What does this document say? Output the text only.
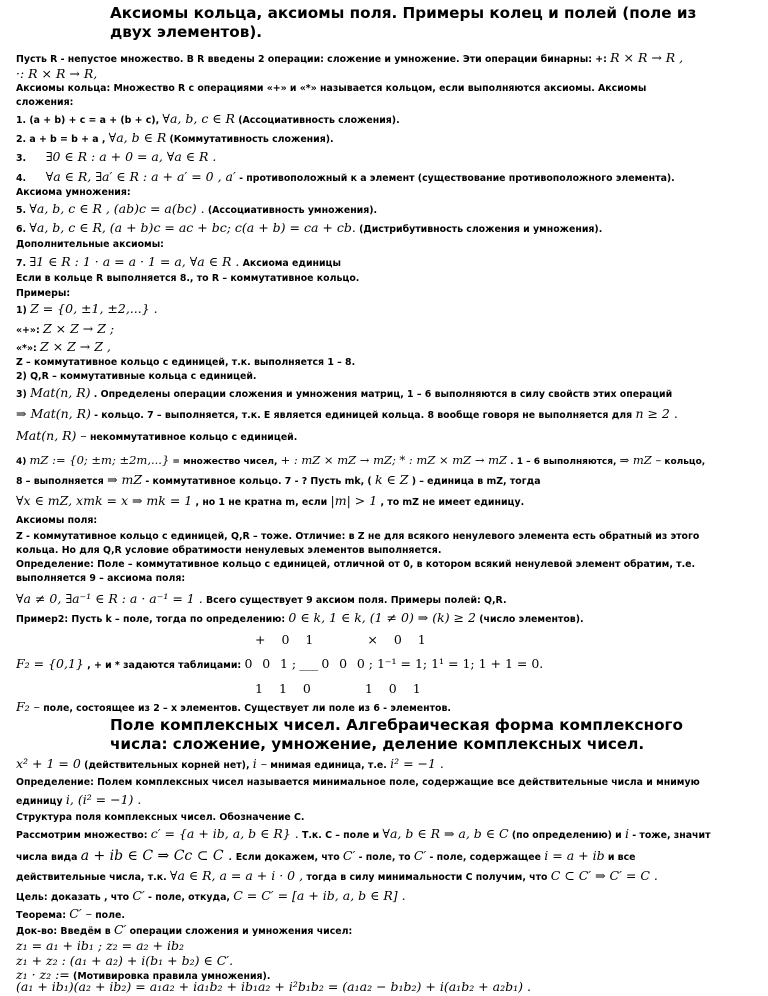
Аксиомы кольца, аксиомы поля. Примеры колец и полей (поле из
двух элементов).
Пусть R - непустое множество. В R введены 2 операции: сложение и умножение. Эти операции бинарны: +: R × R → R ,
·: R × R → R,
Аксиомы кольца: Множество R с операциями «+» и «*» называется кольцом, если выполняются аксиомы. Аксиомы
сложения:
1. (a + b) + c = a + (b + c), ∀a, b, c ∈ R (Ассоциативность сложения).
2. a + b = b + a , ∀a, b ∈ R (Коммутативность сложения).
3. ∃0 ∈ R : a + 0 = a, ∀a ∈ R .
4. ∀a ∈ R, ∃a′ ∈ R : a + a′ = 0 , a′ - противоположный к а элемент (существование противоположного элемента).
Аксиома умножения:
5. ∀a, b, c ∈ R , (ab)c = a(bc) . (Ассоциативность умножения).
6. ∀a, b, c ∈ R, (a + b)c = ac + bc; c(a + b) = ca + cb. (Дистрибутивность сложения и умножения).
Дополнительные аксиомы:
7. ∃1 ∈ R : 1 · a = a · 1 = a, ∀a ∈ R . Аксиома единицы
Если в кольце R выполняется 8., то R – коммутативное кольцо.
Примеры:
1) Z = {0, ±1, ±2,...} .
«+»: Z × Z → Z ;
«*»: Z × Z → Z ,
Z – коммутативное кольцо с единицей, т.к. выполняется 1 – 8.
2) Q,R – коммутативные кольца с единицей.
3) Mat(n, R) . Определены операции сложения и умножения матриц, 1 – 6 выполняются в силу свойств этих операций
⇒ Mat(n, R) - кольцо. 7 – выполняется, т.к. Е является единицей кольца. 8 вообще говоря не выполняется для n ≥ 2 .
Mat(n, R) – некоммутативное кольцо с единицей.
4) mZ := {0; ±m; ±2m,...} = множество чисел, + : mZ × mZ → mZ; * : mZ × mZ → mZ . 1 – 6 выполняются, ⇒ mZ – кольцо,
8 – выполняется ⇒ mZ - коммутативное кольцо. 7 - ? Пусть mk, ( k ∈ Z ) – единица в mZ, тогда
∀x ∈ mZ, xmk = x ⇒ mk = 1 , но 1 не кратна m, если |m| > 1 , то mZ не имеет единицу.
Аксиомы поля:
Z - коммутативное кольцо с единицей, Q,R – тоже. Отличие: в Z не для всякого ненулевого элемента есть обратный из этого
кольца. Но для Q,R условие обратимости ненулевых элементов выполняется.
Определение: Поле – коммутативное кольцо с единицей, отличной от 0, в котором всякий ненулевой элемент обратим, т.е.
выполняется 9 – аксиома поля:
∀a ≠ 0, ∃a⁻¹ ∈ R : a · a⁻¹ = 1 . Всего существует 9 аксиом поля. Примеры полей: Q,R.
Пример2: Пусть k – поле, тогда по определению: 0 ∈ k, 1 ∈ k, (1 ≠ 0) ⇒ (k) ≥ 2 (число элементов).
+ 0 1	× 0 1
F₂ = {0,1} , + и * задаются таблицами: 0 0 1 ; ___ 0 0 0 ; 1⁻¹ = 1; 1¹ = 1; 1 + 1 = 0.
1 1 0	1 0 1
F₂ – поле, состоящее из 2 – х элементов. Существует ли поле из 6 - элементов.
Поле комплексных чисел. Алгебраическая форма комплексного
числа: сложение, умножение, деление комплексных чисел.
x² + 1 = 0 (действительных корней нет), i – мнимая единица, т.е. i² = −1 .
Определение: Полем комплексных чисел называется минимальное поле, содержащие все действительные числа и мнимую
единицу i, (i² = −1) .
Структура поля комплексных чисел. Обозначение С.
Рассмотрим множество: c′ = {a + ib, a, b ∈ R} . Т.к. С – поле и ∀a, b ∈ R ⇒ a, b ∈ C (по определению) и i - тоже, значит
числа вида a + ib ∈ C ⇒ Cc ⊂ C . Если докажем, что C′ - поле, то C′ - поле, содержащее i = a + ib и все
действительные числа, т.к. ∀a ∈ R, a = a + i · 0 , тогда в силу минимальности С получим, что C ⊂ C′ ⇒ C′ = C .
Цель: доказать , что C′ - поле, откуда, C = C′ = [a + ib, a, b ∈ R] .
Теорема: C′ – поле.
Док-во: Введём в C′ операции сложения и умножения чисел:
z₁ = a₁ + ib₁ ; z₂ = a₂ + ib₂
z₁ + z₂ : (a₁ + a₂) + i(b₁ + b₂) ∈ C′.
z₁ · z₂ := (Мотивировка правила умножения).
(a₁ + ib₁)(a₂ + ib₂) = a₁a₂ + ia₁b₂ + ib₁a₂ + i²b₁b₂ = (a₁a₂ − b₁b₂) + i(a₁b₂ + a₂b₁) .
